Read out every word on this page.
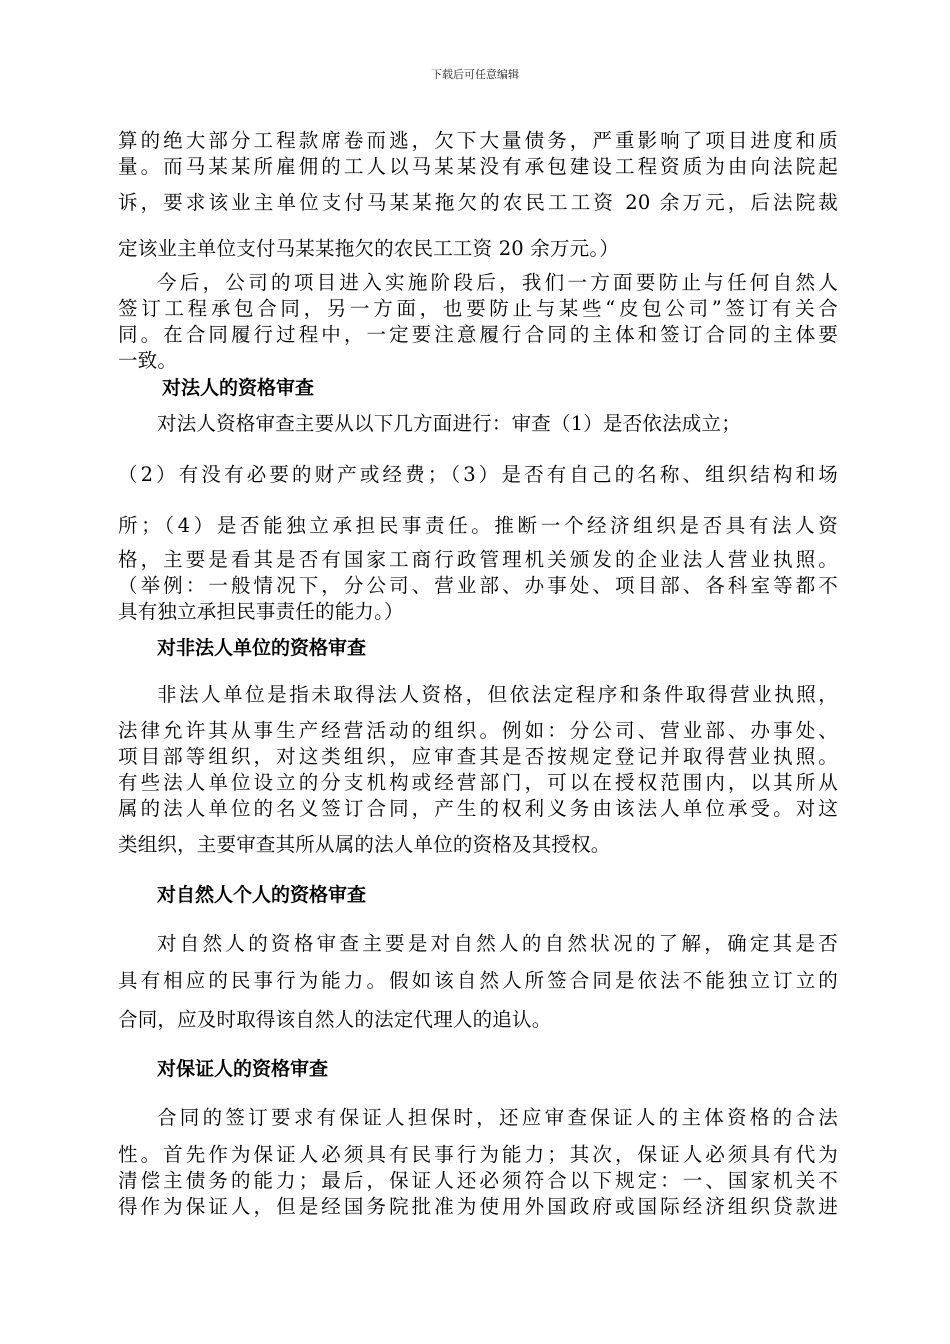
下载后可任意编辑
算的绝大部分工程款席卷而逃，欠下大量债务，严重影响了项目进度和质
量。而马某某所雇佣的工人以马某某没有承包建设工程资质为由向法院起
诉，要求该业主单位支付马某某拖欠的农民工工资 20 余万元，后法院裁
定该业主单位支付马某某拖欠的农民工工资 20 余万元。）
今后，公司的项目进入实施阶段后，我们一方面要防止与任何自然人
签订工程承包合同，另一方面，也要防止与某些“皮包公司”签订有关合
同。在合同履行过程中，一定要注意履行合同的主体和签订合同的主体要
一致。
对法人的资格审查
对法人资格审查主要从以下几方面进行：审查（1）是否依法成立；
（2）有没有必要的财产或经费；（3）是否有自己的名称、组织结构和场
所；（4）是否能独立承担民事责任。推断一个经济组织是否具有法人资
格，主要是看其是否有国家工商行政管理机关颁发的企业法人营业执照。
（举例：一般情况下，分公司、营业部、办事处、项目部、各科室等都不
具有独立承担民事责任的能力。）
对非法人单位的资格审查
非法人单位是指未取得法人资格，但依法定程序和条件取得营业执照，
法律允许其从事生产经营活动的组织。例如：分公司、营业部、办事处、
项目部等组织，对这类组织，应审查其是否按规定登记并取得营业执照。
有些法人单位设立的分支机构或经营部门，可以在授权范围内，以其所从
属的法人单位的名义签订合同，产生的权利义务由该法人单位承受。对这
类组织，主要审查其所从属的法人单位的资格及其授权。
对自然人个人的资格审查
对自然人的资格审查主要是对自然人的自然状况的了解，确定其是否
具有相应的民事行为能力。假如该自然人所签合同是依法不能独立订立的
合同，应及时取得该自然人的法定代理人的追认。
对保证人的资格审查
合同的签订要求有保证人担保时，还应审查保证人的主体资格的合法
性。首先作为保证人必须具有民事行为能力；其次，保证人必须具有代为
清偿主债务的能力；最后，保证人还必须符合以下规定：一、国家机关不
得作为保证人，但是经国务院批准为使用外国政府或国际经济组织贷款进
